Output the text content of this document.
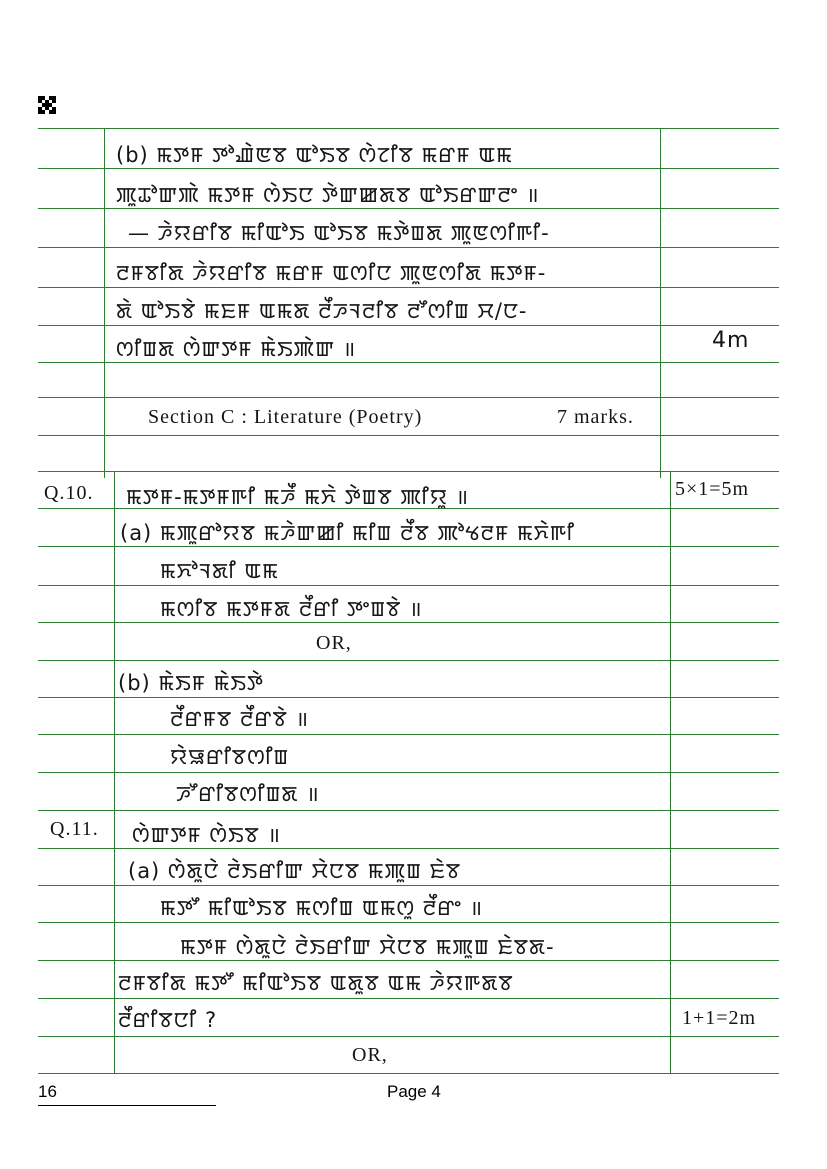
(b) ꯃꯇꯝ ꯇꯣꯉꯥꯟꯕ ꯑꯣꯏꯕ ꯁꯥꯖꯤꯕ ꯃꯔꯝ ꯑꯃ
ꯄꯨꯊꯣꯛꯄꯥ ꯃꯇꯝ ꯁꯥꯏꯅ ꯇꯥꯛꯀꯗꯕ ꯑꯣꯏꯔꯛꯂꯦ ॥
— ꯍꯥꯌꯔꯤꯕ ꯃꯤꯑꯣꯏ ꯑꯣꯏꯕ ꯃꯇꯥꯡꯗ ꯄꯨꯟꯁꯤꯒꯤ-
ꯂꯝꯕꯤꯗ ꯍꯥꯌꯔꯤꯕ ꯃꯔꯝ ꯑꯁꯤꯅ ꯄꯨꯟꯁꯤꯗ ꯃꯇꯝ-
ꯗꯥ ꯑꯣꯏꯕꯥ ꯃꯐꯝ ꯑꯃꯗ ꯂꯩꯍꯜꯂꯤꯕ ꯂꯧꯁꯤꯡ ꯆ/ꯅ-
ꯁꯤꯡꯗ ꯁꯥꯛꯇꯝ ꯃꯥꯏꯄꯥꯛ ॥	4m
Section C : Literature (Poetry)	7 marks.
Q.10. ꯃꯇꯝ-ꯃꯇꯝꯒꯤ ꯃꯍꯩ ꯃꯈꯥ ꯇꯥꯡꯕ ꯄꯤꯌꯨ ॥	5×1=5m
(a) ꯃꯄꯨꯔꯣꯌꯕ ꯃꯍꯥꯛꯀꯤ ꯃꯤꯡ ꯂꯩꯕ ꯄꯣꯠꯂꯝ ꯃꯈꯥꯒꯤ
ꯃꯈꯣꯜꯗꯤ ꯑꯃ
ꯃꯁꯤꯕ ꯃꯇꯝꯗ ꯂꯩꯔꯤ ꯇꯦꯡꯕꯥ ॥
OR,
(b) ꯃꯥꯏꯝ ꯃꯥꯏꯇꯥ
ꯂꯩꯔꯝꯕ ꯂꯩꯔꯕꯥ ॥
ꯌꯥꯎꯔꯤꯕꯁꯤꯡ
ꯍꯧꯔꯤꯕꯁꯤꯡꯗ ॥
Q.11. ꯁꯥꯛꯇꯝ ꯁꯥꯏꯕ ॥
(a) ꯁꯥꯗꯨꯅꯥ ꯂꯥꯏꯔꯤꯛ ꯆꯥꯅꯕ ꯃꯄꯨꯡ ꯐꯥꯕ
ꯃꯇꯧ ꯃꯤꯑꯣꯏꯕ ꯃꯁꯤꯡ ꯑꯃꯁꯨ ꯂꯩꯔꯦ ॥
ꯃꯇꯝ ꯁꯥꯗꯨꯅꯥ ꯂꯥꯏꯔꯤꯛ ꯆꯥꯅꯕ ꯃꯄꯨꯡ ꯐꯥꯕꯗ-
ꯂꯝꯕꯤꯗ ꯃꯇꯧ ꯃꯤꯑꯣꯏꯕ ꯑꯗꯨꯕ ꯑꯃ ꯍꯥꯌꯒꯗꯕ
ꯂꯩꯔꯤꯕꯅꯤ ?	1+1=2m
OR,
16	Page 4
